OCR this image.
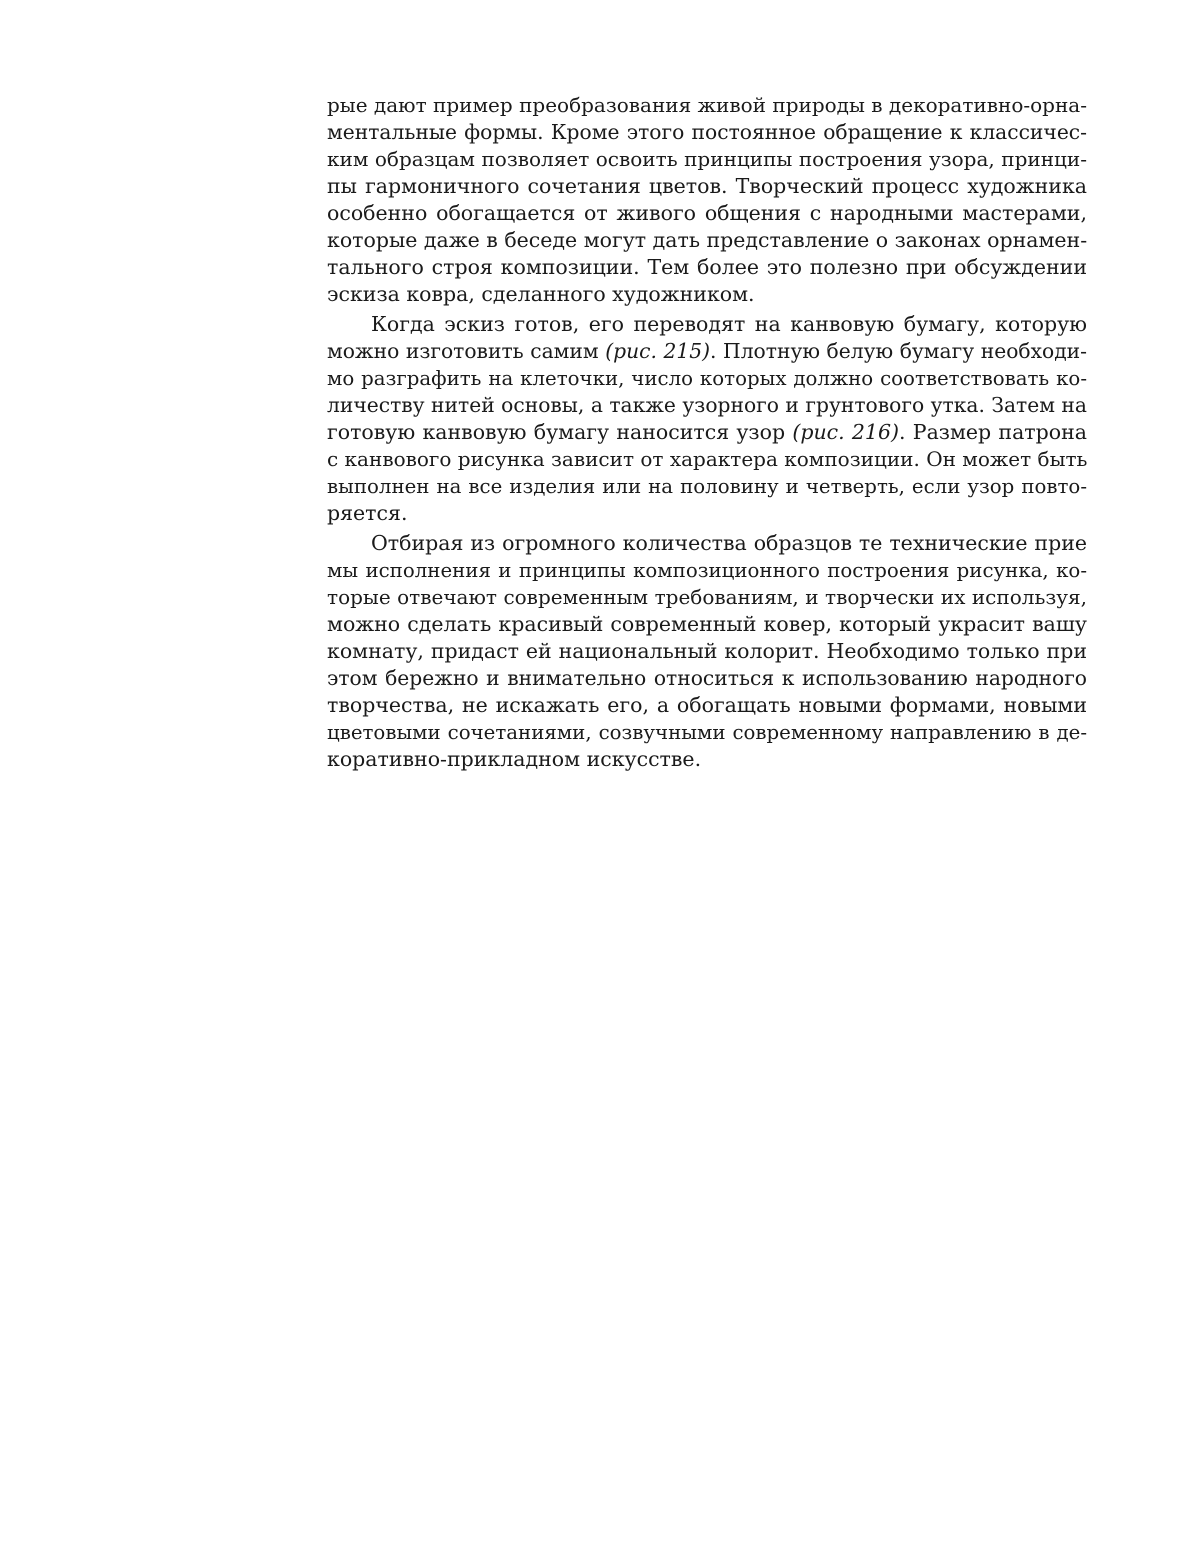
рые дают пример преобразования живой природы в декоративно-орна-
ментальные формы. Кроме этого постоянное обращение к классичес-
ким образцам позволяет освоить принципы построения узора, принци-
пы гармоничного сочетания цветов. Творческий процесс художника
особенно обогащается от живого общения с народными мастерами,
которые даже в беседе могут дать представление о законах орнамен-
тального строя композиции. Тем более это полезно при обсуждении
эскиза ковра, сделанного художником.
Когда эскиз готов, его переводят на канвовую бумагу, которую
можно изготовить самим (рис. 215). Плотную белую бумагу необходи-
мо разграфить на клеточки, число которых должно соответствовать ко-
личеству нитей основы, а также узорного и грунтового утка. Затем на
готовую канвовую бумагу наносится узор (рис. 216). Размер патрона
с канвового рисунка зависит от характера композиции. Он может быть
выполнен на все изделия или на половину и четверть, если узор повто-
ряется.
Отбирая из огромного количества образцов те технические прие
мы исполнения и принципы композиционного построения рисунка, ко-
торые отвечают современным требованиям, и творчески их используя,
можно сделать красивый современный ковер, который украсит вашу
комнату, придаст ей национальный колорит. Необходимо только при
этом бережно и внимательно относиться к использованию народного
творчества, не искажать его, а обогащать новыми формами, новыми
цветовыми сочетаниями, созвучными современному направлению в де-
коративно-прикладном искусстве.
